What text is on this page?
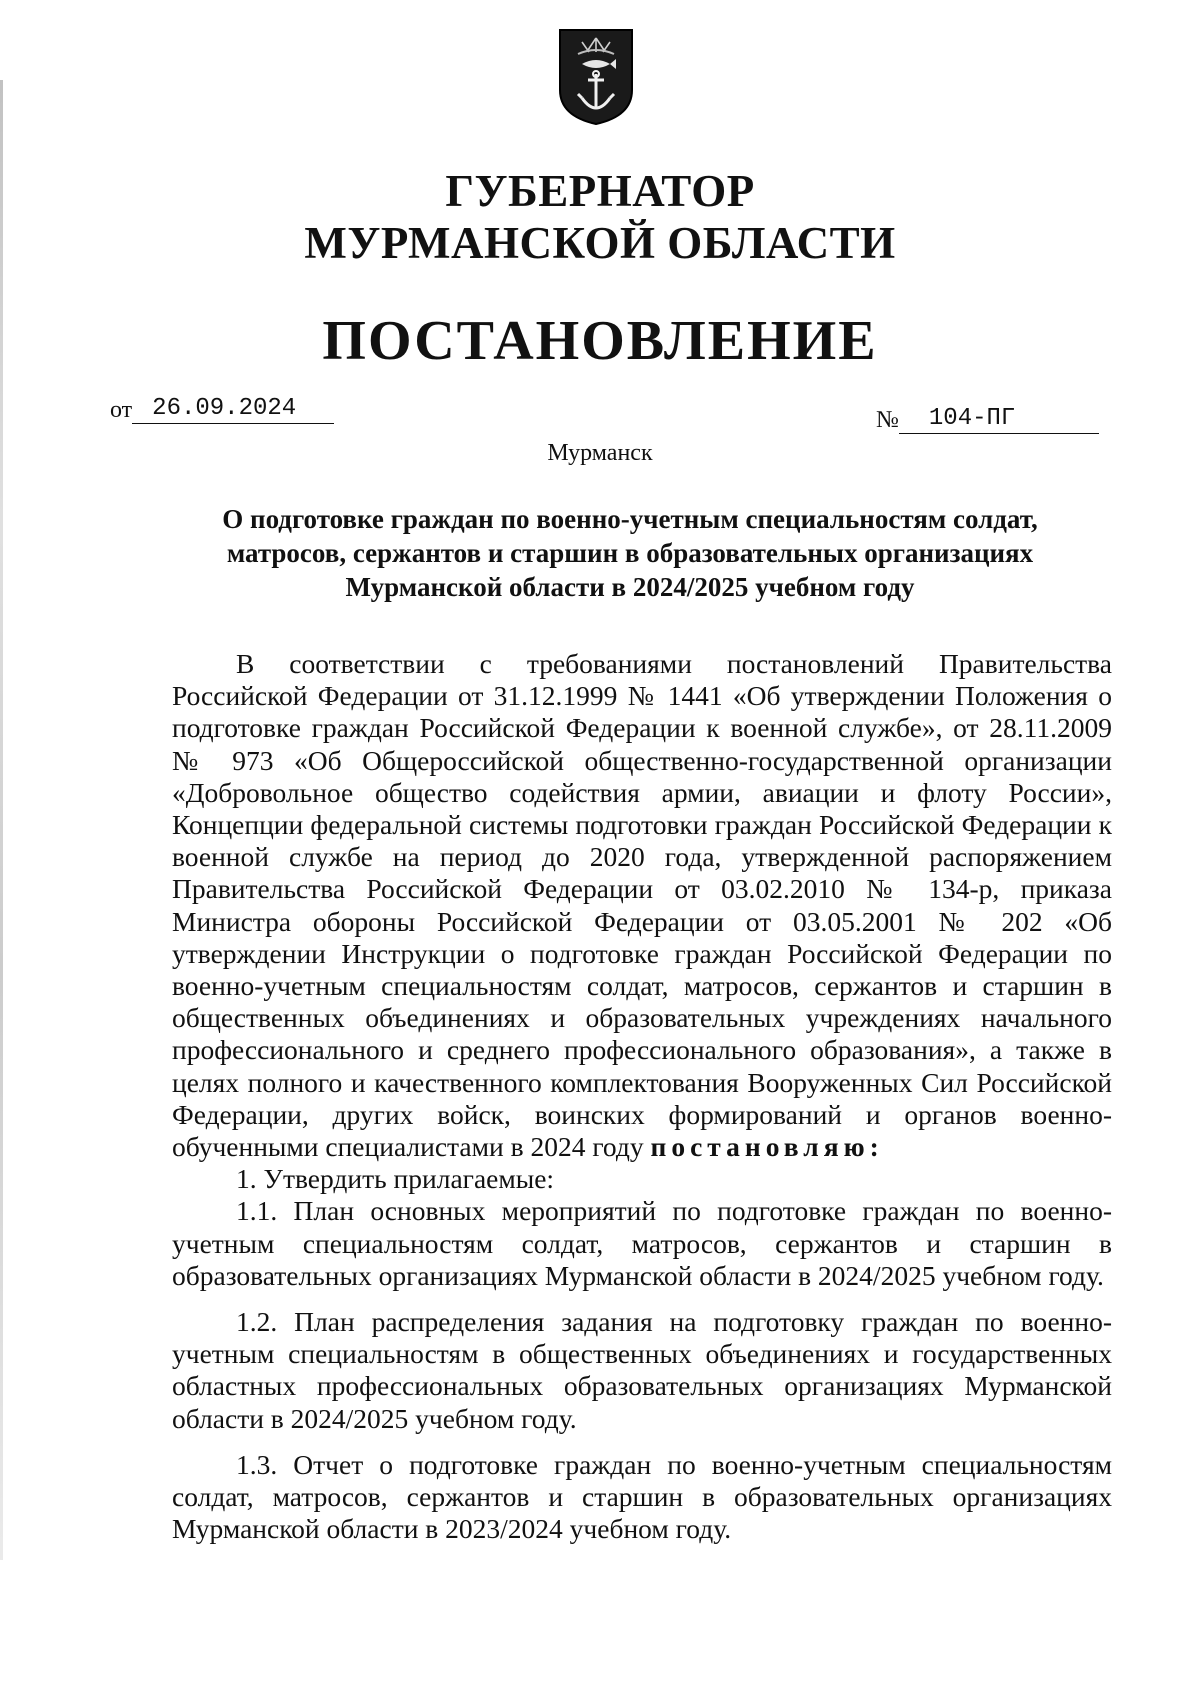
ГУБЕРНАТОР
МУРМАНСКОЙ ОБЛАСТИ
ПОСТАНОВЛЕНИЕ
от 26.09.2024	№	104-ПГ
Мурманск
О подготовке граждан по военно-учетным специальностям солдат, матросов, сержантов и старшин в образовательных организациях Мурманской области в 2024/2025 учебном году

В соответствии с требованиями постановлений Правительства Российской Федерации от 31.12.1999 № 1441 «Об утверждении Положения о подготовке граждан Российской Федерации к военной службе», от 28.11.2009 № 973 «Об Общероссийской общественно-государственной организации «Добровольное общество содействия армии, авиации и флоту России», Концепции федеральной системы подготовки граждан Российской Федерации к военной службе на период до 2020 года, утвержденной распоряжением Правительства Российской Федерации от 03.02.2010 № 134-р, приказа Министра обороны Российской Федерации от 03.05.2001 № 202 «Об утверждении Инструкции о подготовке граждан Российской Федерации по военно-учетным специальностям солдат, матросов, сержантов и старшин в общественных объединениях и образовательных учреждениях начального профессионального и среднего профессионального образования», а также в целях полного и качественного комплектования Вооруженных Сил Российской Федерации, других войск, воинских формирований и органов военно-обученными специалистами в 2024 году постановляю:

1. Утвердить прилагаемые:

1.1. План основных мероприятий по подготовке граждан по военно-учетным специальностям солдат, матросов, сержантов и старшин в образовательных организациях Мурманской области в 2024/2025 учебном году.

1.2. План распределения задания на подготовку граждан по военно-учетным специальностям в общественных объединениях и государственных областных профессиональных образовательных организациях Мурманской области в 2024/2025 учебном году.

1.3. Отчет о подготовке граждан по военно-учетным специальностям солдат, матросов, сержантов и старшин в образовательных организациях Мурманской области в 2023/2024 учебном году.
